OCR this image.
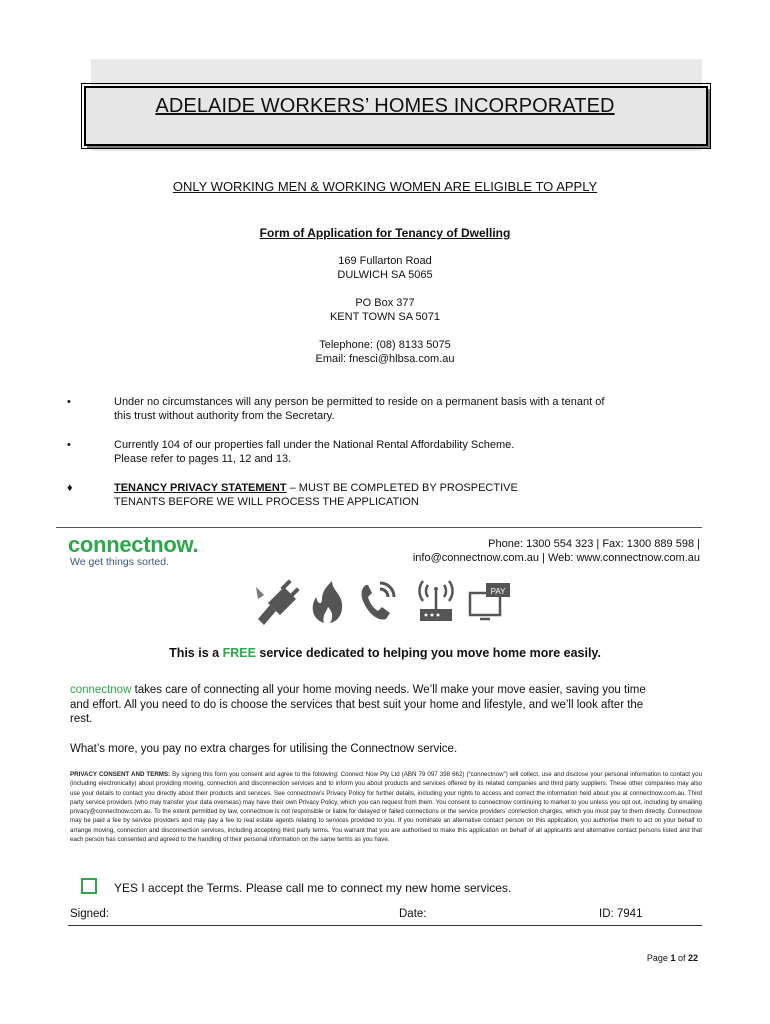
ADELAIDE WORKERS’ HOMES INCORPORATED
ONLY WORKING MEN & WORKING WOMEN ARE ELIGIBLE TO APPLY
Form of Application for Tenancy of Dwelling
169 Fullarton Road
DULWICH SA 5065
PO Box 377
KENT TOWN SA 5071
Telephone: (08) 8133 5075
Email: fnesci@hlbsa.com.au
•	Under no circumstances will any person be permitted to reside on a permanent basis with a tenant of
this trust without authority from the Secretary.
•	Currently 104 of our properties fall under the National Rental Affordability Scheme.
Please refer to pages 11, 12 and 13.
♦	TENANCY PRIVACY STATEMENT – MUST BE COMPLETED BY PROSPECTIVE
TENANTS BEFORE WE WILL PROCESS THE APPLICATION
connectnow.
We get things sorted.
Phone: 1300 554 323 | Fax: 1300 889 598 |
info@connectnow.com.au | Web: www.connectnow.com.au
PAY
This is a FREE service dedicated to helping you move home more easily.
connectnow takes care of connecting all your home moving needs. We’ll make your move easier, saving you time
and effort. All you need to do is choose the services that best suit your home and lifestyle, and we’ll look after the
rest.
What’s more, you pay no extra charges for utilising the Connectnow service.
PRIVACY CONSENT AND TERMS: By signing this form you consent and agree to the following: Connect Now Pty Ltd (ABN 79 097 398 662) (“connectnow”) will collect, use and disclose your personal information to contact you (including electronically) about providing moving, connection and disconnection services and to inform you about products and services offered by its related companies and third party suppliers. These other companies may also use your details to contact you directly about their products and services. See connectnow’s Privacy Policy for further details, including your rights to access and correct the information held about you at connectnow.com.au. Third party service providers (who may transfer your data overseas) may have their own Privacy Policy, which you can request from them. You consent to connectnow continuing to market to you unless you opt out, including by emailing privacy@connectnow.com.au. To the extent permitted by law, connectnow is not responsible or liable for delayed or failed connections or the service providers’ connection charges, which you must pay to them directly. Connectnow may be paid a fee by service providers and may pay a fee to real estate agents relating to services provided to you. If you nominate an alternative contact person on this application, you authorise them to act on your behalf to arrange moving, connection and disconnection services, including accepting third party terms. You warrant that you are authorised to make this application on behalf of all applicants and alternative contact persons listed and that each person has consented and agreed to the handling of their personal information on the same terms as you have.
YES I accept the Terms. Please call me to connect my new home services.
Signed:	Date:	ID: 7941
Page 1 of 22
